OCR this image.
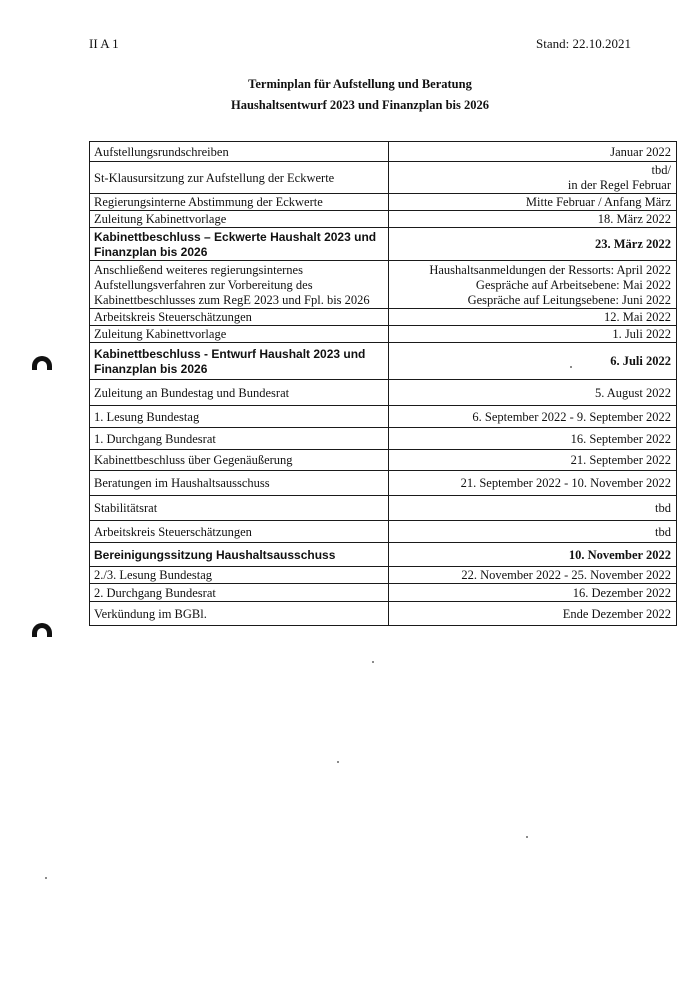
II A 1	Stand: 22.10.2021
Terminplan für Aufstellung und Beratung
Haushaltsentwurf 2023 und Finanzplan bis 2026
Aufstellungsrundschreiben	Januar 2022
St-Klausursitzung zur Aufstellung der Eckwerte	tbd/
in der Regel Februar
Regierungsinterne Abstimmung der Eckwerte	Mitte Februar / Anfang März
Zuleitung Kabinettvorlage	18. März 2022
Kabinettbeschluss – Eckwerte Haushalt 2023 und Finanzplan bis 2026	23. März 2022
Anschließend weiteres regierungsinternes Aufstellungsverfahren zur Vorbereitung des Kabinettbeschlusses zum RegE 2023 und Fpl. bis 2026	Haushaltsanmeldungen der Ressorts: April 2022
Gespräche auf Arbeitsebene: Mai 2022
Gespräche auf Leitungsebene: Juni 2022
Arbeitskreis Steuerschätzungen	12. Mai 2022
Zuleitung Kabinettvorlage	1. Juli 2022
Kabinettbeschluss - Entwurf Haushalt 2023 und Finanzplan bis 2026	6. Juli 2022
Zuleitung an Bundestag und Bundesrat	5. August 2022
1. Lesung Bundestag	6. September 2022 - 9. September 2022
1. Durchgang Bundesrat	16. September 2022
Kabinettbeschluss über Gegenäußerung	21. September 2022
Beratungen im Haushaltsausschuss	21. September 2022 - 10. November 2022
Stabilitätsrat	tbd
Arbeitskreis Steuerschätzungen	tbd
Bereinigungssitzung Haushaltsausschuss	10. November 2022
2./3. Lesung Bundestag	22. November 2022 - 25. November 2022
2. Durchgang Bundesrat	16. Dezember 2022
Verkündung im BGBl.	Ende Dezember 2022
